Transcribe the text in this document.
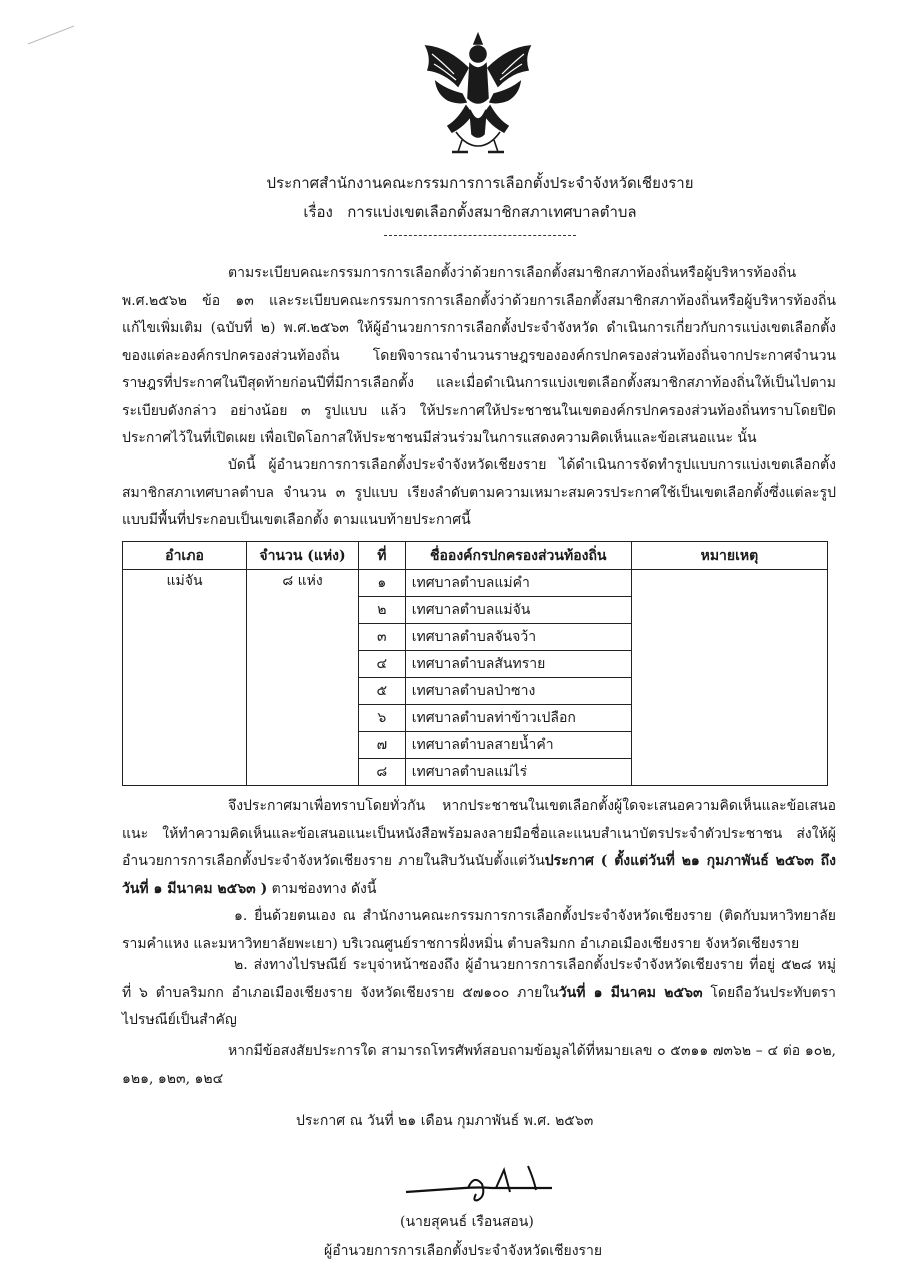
ประกาศสำนักงานคณะกรรมการการเลือกตั้งประจำจังหวัดเชียงราย
เรื่อง การแบ่งเขตเลือกตั้งสมาชิกสภาเทศบาลตำบล
ตามระเบียบคณะกรรมการการเลือกตั้งว่าด้วยการเลือกตั้งสมาชิกสภาท้องถิ่นหรือผู้บริหารท้องถิ่น พ.ศ.๒๕๖๒ ข้อ ๑๓ และระเบียบคณะกรรมการการเลือกตั้งว่าด้วยการเลือกตั้งสมาชิกสภาท้องถิ่นหรือผู้บริหารท้องถิ่น แก้ไขเพิ่มเติม (ฉบับที่ ๒) พ.ศ.๒๕๖๓ ให้ผู้อำนวยการการเลือกตั้งประจำจังหวัด ดำเนินการเกี่ยวกับการแบ่งเขตเลือกตั้งของแต่ละองค์กรปกครองส่วนท้องถิ่น โดยพิจารณาจำนวนราษฎรขององค์กรปกครองส่วนท้องถิ่นจากประกาศจำนวนราษฎรที่ประกาศในปีสุดท้ายก่อนปีที่มีการเลือกตั้ง และเมื่อดำเนินการแบ่งเขตเลือกตั้งสมาชิกสภาท้องถิ่นให้เป็นไปตามระเบียบดังกล่าว อย่างน้อย ๓ รูปแบบ แล้ว ให้ประกาศให้ประชาชนในเขตองค์กรปกครองส่วนท้องถิ่นทราบโดยปิดประกาศไว้ในที่เปิดเผย เพื่อเปิดโอกาสให้ประชาชนมีส่วนร่วมในการแสดงความคิดเห็นและข้อเสนอแนะ นั้น
บัดนี้ ผู้อำนวยการการเลือกตั้งประจำจังหวัดเชียงราย ได้ดำเนินการจัดทำรูปแบบการแบ่งเขตเลือกตั้งสมาชิกสภาเทศบาลตำบล จำนวน ๓ รูปแบบ เรียงลำดับตามความเหมาะสมควรประกาศใช้เป็นเขตเลือกตั้งซึ่งแต่ละรูปแบบมีพื้นที่ประกอบเป็นเขตเลือกตั้ง ตามแนบท้ายประกาศนี้
อำเภอ	จำนวน (แห่ง)	ที่	ชื่อองค์กรปกครองส่วนท้องถิ่น	หมายเหตุ
แม่จัน	๘ แห่ง	๑	เทศบาลตำบลแม่คำ	
		๒	เทศบาลตำบลแม่จัน	
		๓	เทศบาลตำบลจันจว้า	
		๔	เทศบาลตำบลสันทราย	
		๕	เทศบาลตำบลป่าซาง	
		๖	เทศบาลตำบลท่าข้าวเปลือก	
		๗	เทศบาลตำบลสายน้ำคำ	
		๘	เทศบาลตำบลแม่ไร่	
จึงประกาศมาเพื่อทราบโดยทั่วกัน หากประชาชนในเขตเลือกตั้งผู้ใดจะเสนอความคิดเห็นและข้อเสนอแนะ ให้ทำความคิดเห็นและข้อเสนอแนะเป็นหนังสือพร้อมลงลายมือชื่อและแนบสำเนาบัตรประจำตัวประชาชน ส่งให้ผู้อำนวยการการเลือกตั้งประจำจังหวัดเชียงราย ภายในสิบวันนับตั้งแต่วันประกาศ ( ตั้งแต่วันที่ ๒๑ กุมภาพันธ์ ๒๕๖๓ ถึงวันที่ ๑ มีนาคม ๒๕๖๓ ) ตามช่องทาง ดังนี้
๑. ยื่นด้วยตนเอง ณ สำนักงานคณะกรรมการการเลือกตั้งประจำจังหวัดเชียงราย (ติดกับมหาวิทยาลัยรามคำแหง และมหาวิทยาลัยพะเยา) บริเวณศูนย์ราชการฝั่งหมิ่น ตำบลริมกก อำเภอเมืองเชียงราย จังหวัดเชียงราย
๒. ส่งทางไปรษณีย์ ระบุจ่าหน้าซองถึง ผู้อำนวยการการเลือกตั้งประจำจังหวัดเชียงราย ที่อยู่ ๕๒๘ หมู่ที่ ๖ ตำบลริมกก อำเภอเมืองเชียงราย จังหวัดเชียงราย ๕๗๑๐๐ ภายในวันที่ ๑ มีนาคม ๒๕๖๓ โดยถือวันประทับตราไปรษณีย์เป็นสำคัญ
หากมีข้อสงสัยประการใด สามารถโทรศัพท์สอบถามข้อมูลได้ที่หมายเลข ๐ ๕๓๑๑ ๗๓๖๒ – ๔ ต่อ ๑๐๒, ๑๒๑, ๑๒๓, ๑๒๔
ประกาศ ณ วันที่ ๒๑ เดือน กุมภาพันธ์ พ.ศ. ๒๕๖๓
(นายสุคนธ์ เรือนสอน)
ผู้อำนวยการการเลือกตั้งประจำจังหวัดเชียงราย
